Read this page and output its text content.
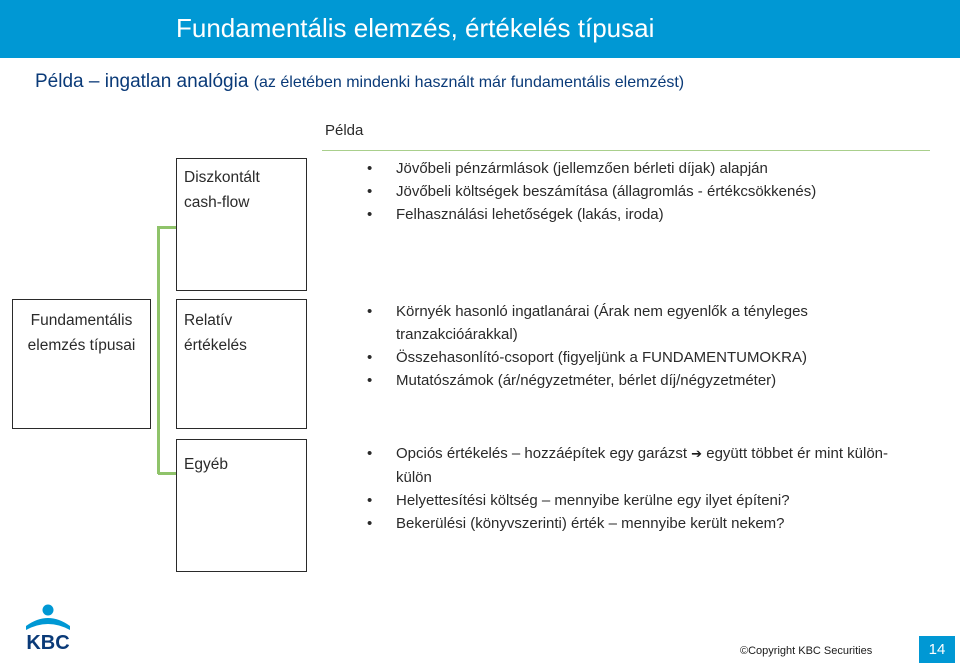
Fundamentális elemzés, értékelés típusai
Példa – ingatlan analógia (az életében mindenki használt már fundamentális elemzést)
Példa
Fundamentális
elemzés típusai
Diszkontált
cash-flow
Relatív
értékelés
Egyéb
• Jövőbeli pénzármlások (jellemzően bérleti díjak) alapján
• Jövőbeli költségek beszámítása (állagromlás - értékcsökkenés)
• Felhasználási lehetőségek (lakás, iroda)
• Környék hasonló ingatlanárai (Árak nem egyenlők a tényleges tranzakcióárakkal)
• Összehasonlító-csoport (figyeljünk a FUNDAMENTUMOKRA)
• Mutatószámok (ár/négyzetméter, bérlet díj/négyzetméter)
• Opciós értékelés – hozzáépítek egy garázst ➔ együtt többet ér mint külön-külön
• Helyettesítési költség – mennyibe kerülne egy ilyet építeni?
• Bekerülési (könyvszerinti) érték – mennyibe került nekem?
KBC	©Copyright KBC Securities	14
